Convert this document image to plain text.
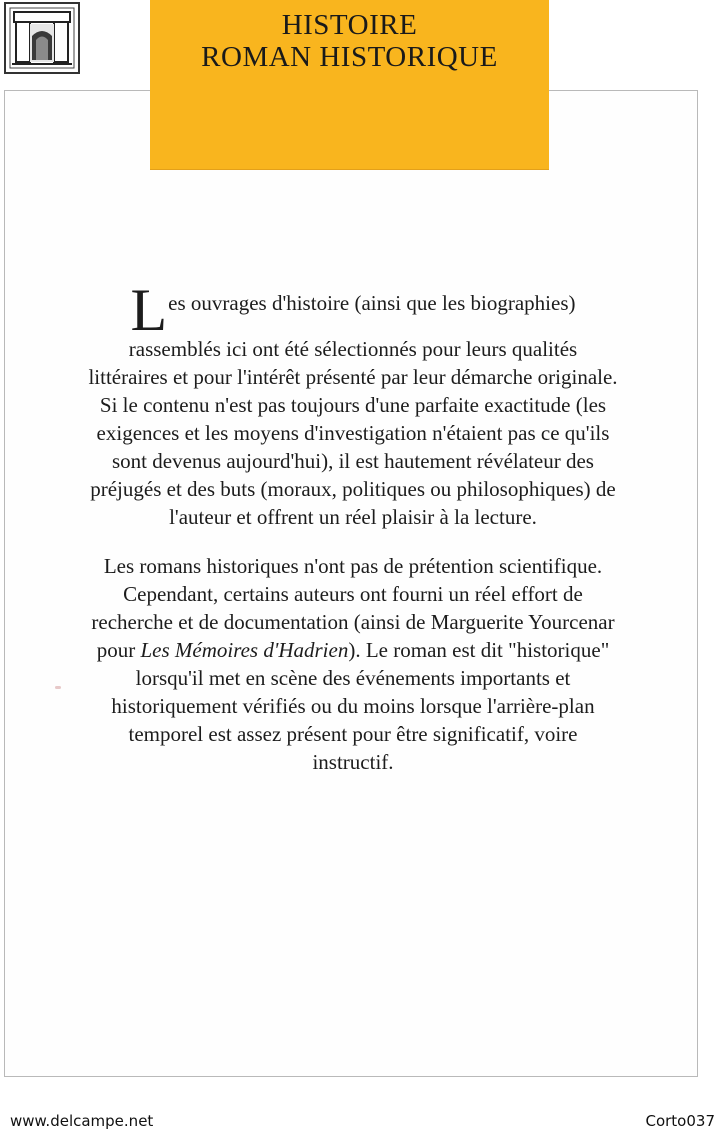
HISTOIRE
ROMAN HISTORIQUE

Les ouvrages d'histoire (ainsi que les biographies) rassemblés ici ont été sélectionnés pour leurs qualités littéraires et pour l'intérêt présenté par leur démarche originale. Si le contenu n'est pas toujours d'une parfaite exactitude (les exigences et les moyens d'investigation n'étaient pas ce qu'ils sont devenus aujourd'hui), il est hautement révélateur des préjugés et des buts (moraux, politiques ou philosophiques) de l'auteur et offrent un réel plaisir à la lecture.

Les romans historiques n'ont pas de prétention scientifique. Cependant, certains auteurs ont fourni un réel effort de recherche et de documentation (ainsi de Marguerite Yourcenar pour Les Mémoires d'Hadrien). Le roman est dit "historique" lorsqu'il met en scène des événements importants et historiquement vérifiés ou du moins lorsque l'arrière-plan temporel est assez présent pour être significatif, voire instructif.

www.delcampe.net	Corto037
